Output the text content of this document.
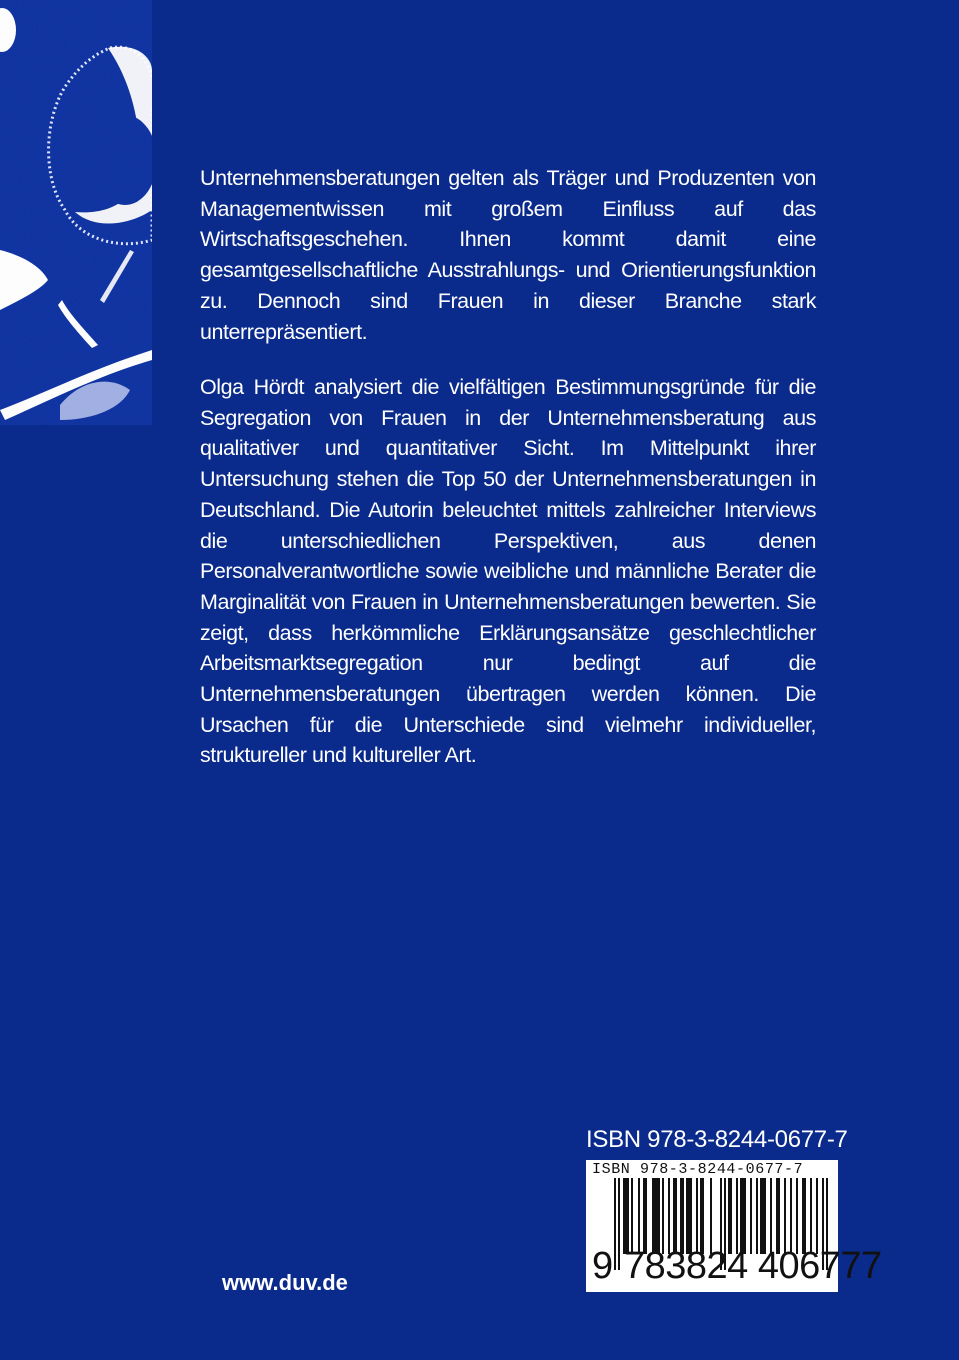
Unternehmensberatungen gelten als Träger und Produzenten von Managementwissen mit großem Einfluss auf das Wirtschaftsgeschehen. Ihnen kommt damit eine gesamtgesellschaftliche Ausstrahlungs- und Orientierungsfunktion zu. Dennoch sind Frauen in dieser Branche stark unterrepräsentiert.

Olga Hördt analysiert die vielfältigen Bestimmungsgründe für die Segregation von Frauen in der Unternehmensberatung aus qualitativer und quantitativer Sicht. Im Mittelpunkt ihrer Untersuchung stehen die Top 50 der Unternehmensberatungen in Deutschland. Die Autorin beleuchtet mittels zahlreicher Interviews die unterschiedlichen Perspektiven, aus denen Personalverantwortliche sowie weibliche und männliche Berater die Marginalität von Frauen in Unternehmensberatungen bewerten. Sie zeigt, dass herkömmliche Erklärungsansätze geschlechtlicher Arbeitsmarktsegregation nur bedingt auf die Unternehmensberatungen übertragen werden können. Die Ursachen für die Unterschiede sind vielmehr individueller, struktureller und kultureller Art.

ISBN 978-3-8244-0677-7
ISBN 978-3-8244-0677-7
9 783824 406777
www.duv.de
